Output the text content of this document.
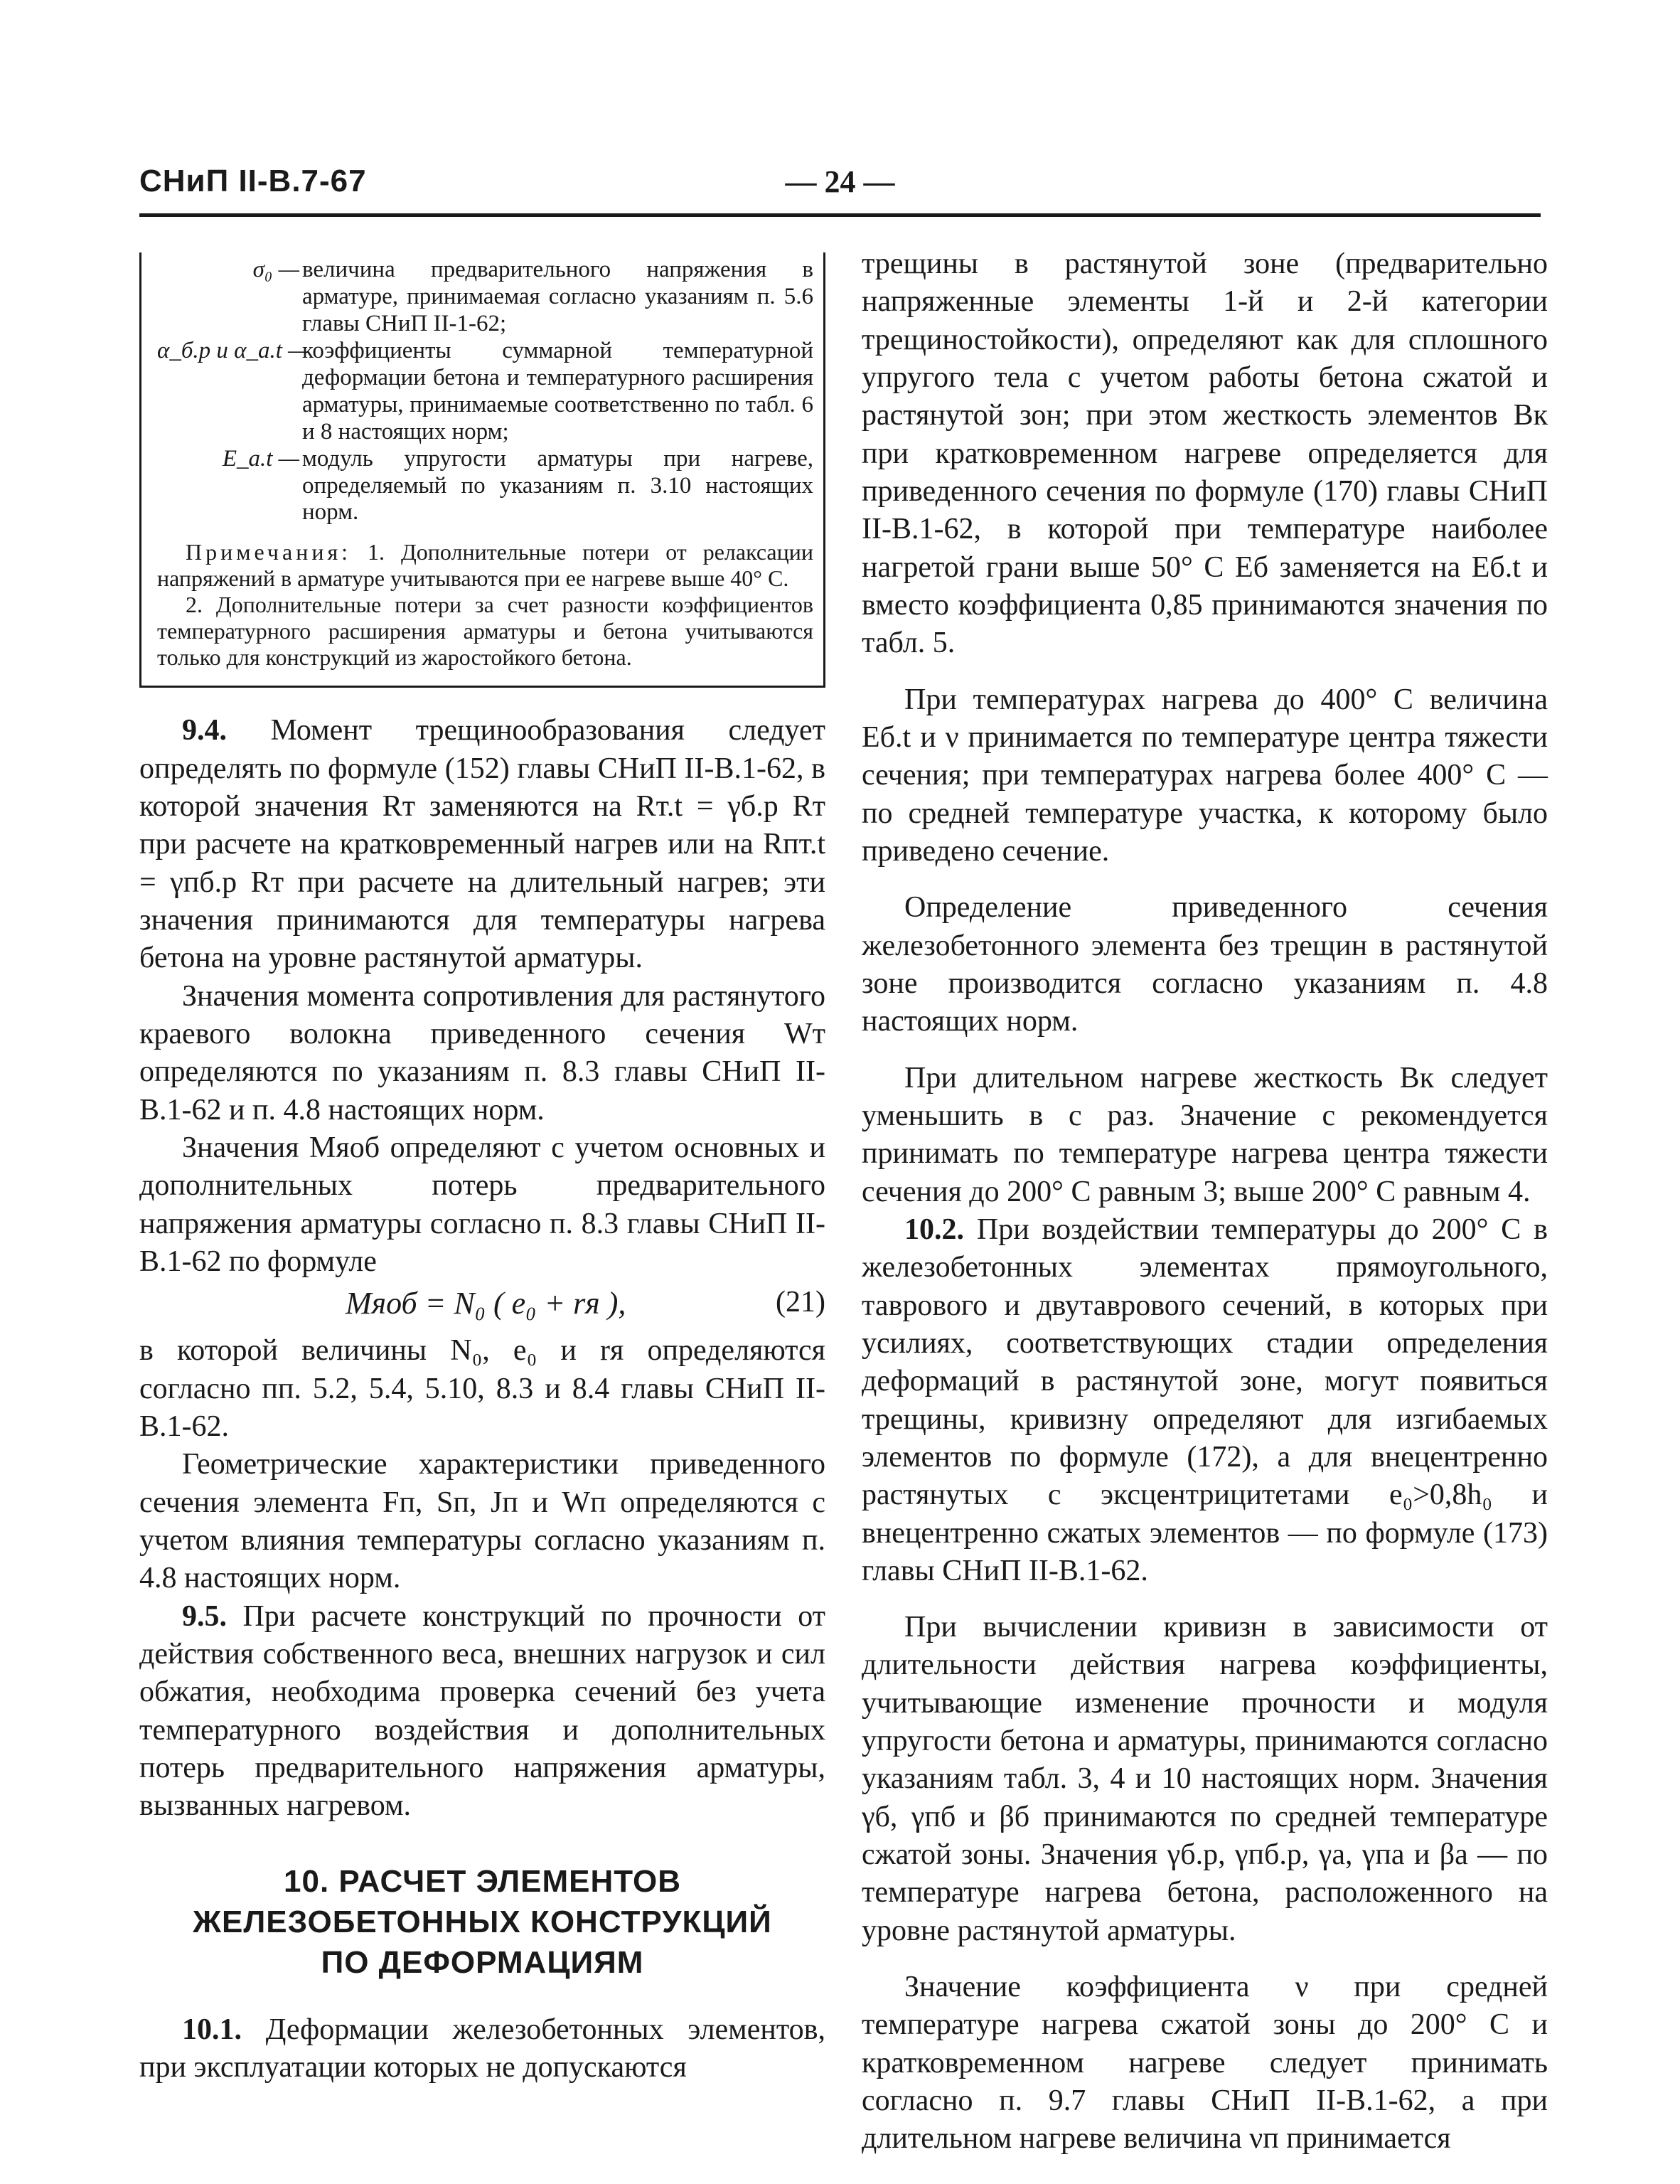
СНиП II-В.7-67	— 24 —
σ₀ — величина предварительного напряжения в арматуре, принимаемая согласно указаниям п. 5.6 главы СНиП II-1-62;
α_б.р и α_а.t —
коэффициенты суммарной температурной деформации бетона и температурного расширения арматуры, принимаемые соответственно по табл. 6 и 8 настоящих норм;
E_a.t — модуль упругости арматуры при нагреве, определяемый по указаниям п. 3.10 настоящих норм.

Примечания: 1. Дополнительные потери от релаксации напряжений в арматуре учитываются при ее нагреве выше 40° С.

2. Дополнительные потери за счет разности коэффициентов температурного расширения арматуры и бетона учитываются только для конструкций из жаростойкого бетона.

9.4. Момент трещинообразования следует определять по формуле (152) главы СНиП II-В.1-62, в которой значения Rт заменяются на Rт.t = γб.р Rт при расчете на кратковременный нагрев или на Rпт.t = γпб.р Rт при расчете на длительный нагрев; эти значения принимаются для температуры нагрева бетона на уровне растянутой арматуры.

Значения момента сопротивления для растянутого краевого волокна приведенного сечения Wт определяются по указаниям п. 8.3 главы СНиП II-В.1-62 и п. 4.8 настоящих норм.

Значения Mяоб определяют с учетом основных и дополнительных потерь предварительного напряжения арматуры согласно п. 8.3 главы СНиП II-В.1-62 по формуле

Mяоб = N₀ ( e₀ + rя ),	(21)

в которой величины N₀, e₀ и rя определяются согласно пп. 5.2, 5.4, 5.10, 8.3 и 8.4 главы СНиП II-В.1-62.

Геометрические характеристики приведенного сечения элемента Fп, Sп, Jп и Wп определяются с учетом влияния температуры согласно указаниям п. 4.8 настоящих норм.

9.5. При расчете конструкций по прочности от действия собственного веса, внешних нагрузок и сил обжатия, необходима проверка сечений без учета температурного воздействия и дополнительных потерь предварительного напряжения арматуры, вызванных нагревом.

10. РАСЧЕТ ЭЛЕМЕНТОВ
ЖЕЛЕЗОБЕТОННЫХ КОНСТРУКЦИЙ
ПО ДЕФОРМАЦИЯМ

10.1. Деформации железобетонных элементов, при эксплуатации которых не допускаются

трещины в растянутой зоне (предварительно напряженные элементы 1-й и 2-й категории трещиностойкости), определяют как для сплошного упругого тела с учетом работы бетона сжатой и растянутой зон; при этом жесткость элементов Bк при кратковременном нагреве определяется для приведенного сечения по формуле (170) главы СНиП II-В.1-62, в которой при температуре наиболее нагретой грани выше 50° С Eб заменяется на Eб.t и вместо коэффициента 0,85 принимаются значения по табл. 5.

При температурах нагрева до 400° С величина Eб.t и ν принимается по температуре центра тяжести сечения; при температурах нагрева более 400° С — по средней температуре участка, к которому было приведено сечение.

Определение приведенного сечения железобетонного элемента без трещин в растянутой зоне производится согласно указаниям п. 4.8 настоящих норм.

При длительном нагреве жесткость Bк следует уменьшить в c раз. Значение c рекомендуется принимать по температуре нагрева центра тяжести сечения до 200° С равным 3; выше 200° С равным 4.

10.2. При воздействии температуры до 200° С в железобетонных элементах прямоугольного, таврового и двутаврового сечений, в которых при усилиях, соответствующих стадии определения деформаций в растянутой зоне, могут появиться трещины, кривизну определяют для изгибаемых элементов по формуле (172), а для внецентренно растянутых с эксцентрицитетами e₀>0,8h₀ и внецентренно сжатых элементов — по формуле (173) главы СНиП II-В.1-62.

При вычислении кривизн в зависимости от длительности действия нагрева коэффициенты, учитывающие изменение прочности и модуля упругости бетона и арматуры, принимаются согласно указаниям табл. 3, 4 и 10 настоящих норм. Значения γб, γпб и βб принимаются по средней температуре сжатой зоны. Значения γб.р, γпб.р, γа, γпа и βа — по температуре нагрева бетона, расположенного на уровне растянутой арматуры.

Значение коэффициента ν при средней температуре нагрева сжатой зоны до 200° С и кратковременном нагреве следует принимать согласно п. 9.7 главы СНиП II-В.1-62, а при длительном нагреве величина νп принимается
